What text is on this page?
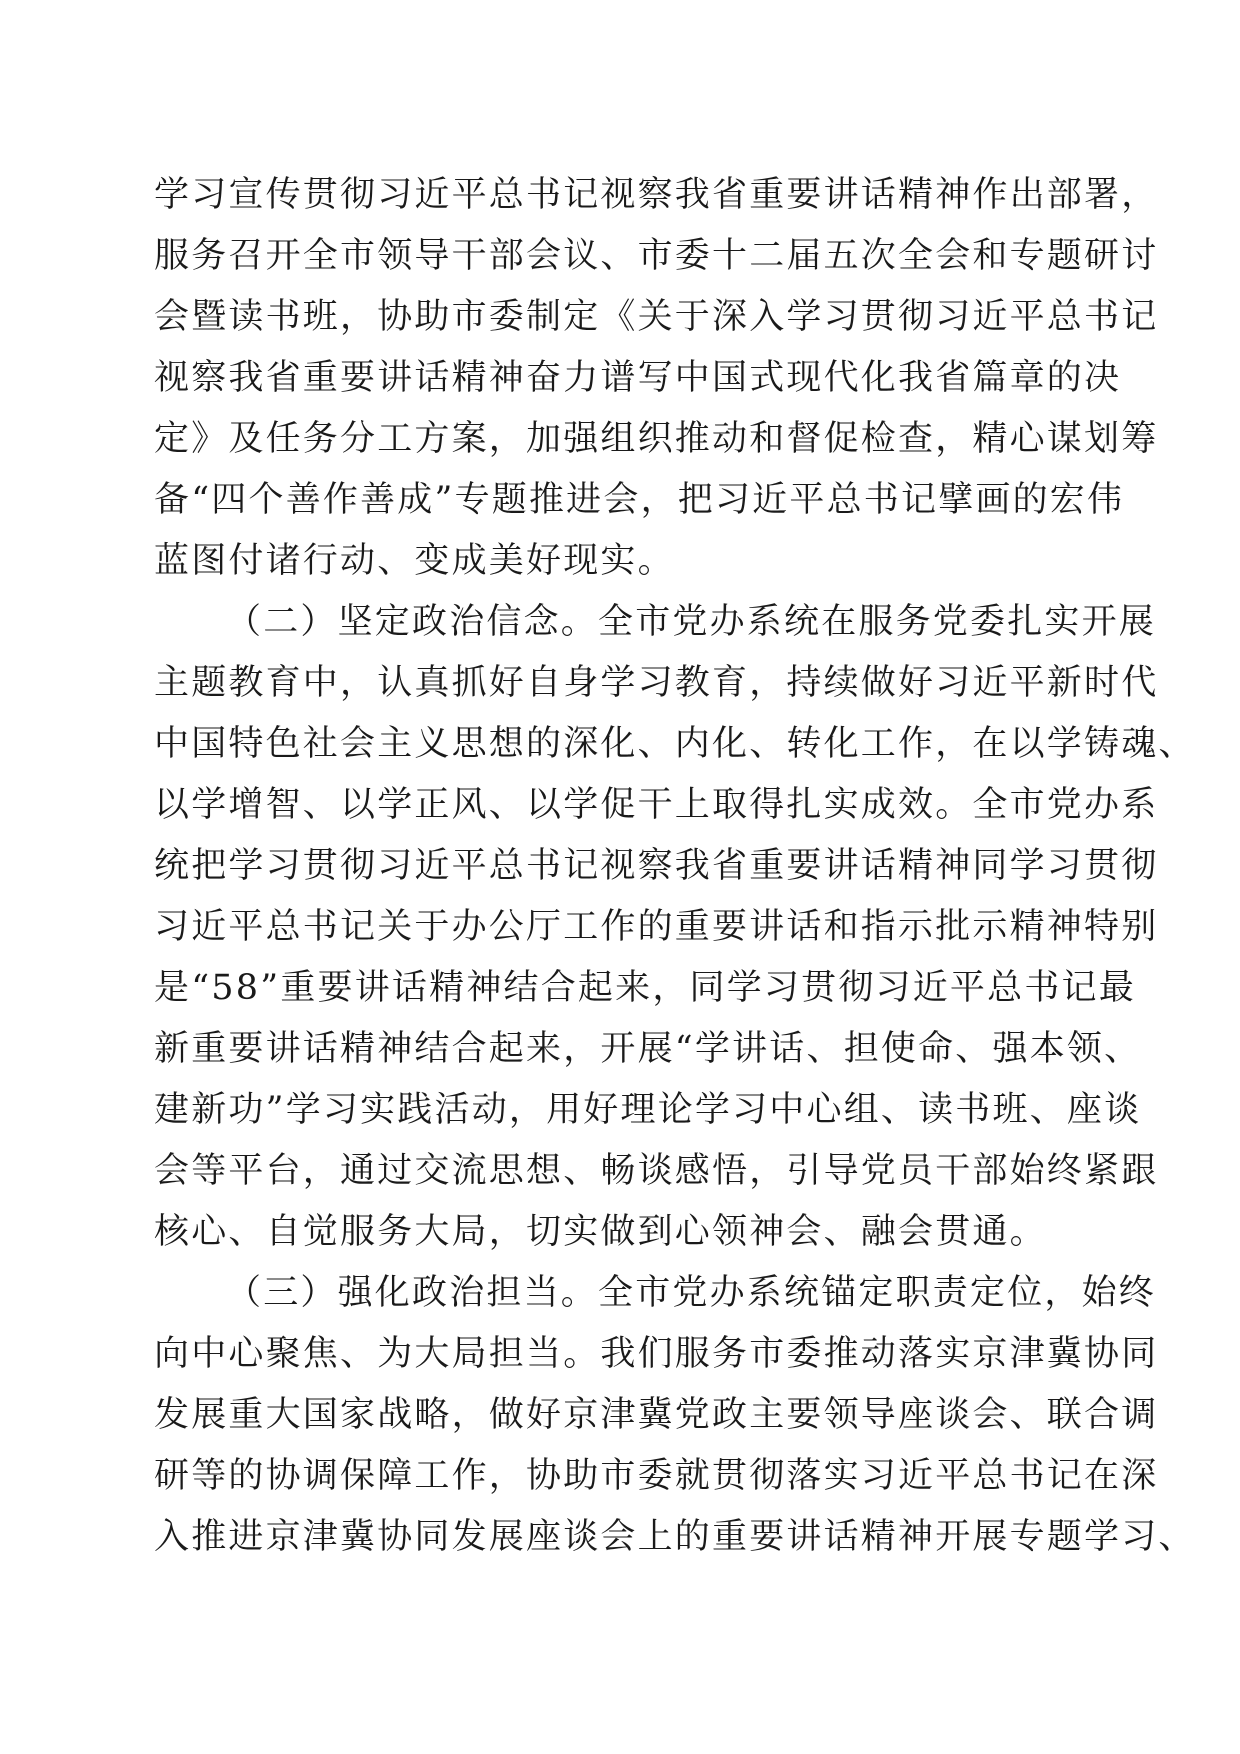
学习宣传贯彻习近平总书记视察我省重要讲话精神作出部署，
服务召开全市领导干部会议、市委十二届五次全会和专题研讨
会暨读书班，协助市委制定《关于深入学习贯彻习近平总书记
视察我省重要讲话精神奋力谱写中国式现代化我省篇章的决
定》及任务分工方案，加强组织推动和督促检查，精心谋划筹
备“四个善作善成”专题推进会，把习近平总书记擘画的宏伟
蓝图付诸行动、变成美好现实。
（二）坚定政治信念。全市党办系统在服务党委扎实开展
主题教育中，认真抓好自身学习教育，持续做好习近平新时代
中国特色社会主义思想的深化、内化、转化工作，在以学铸魂、
以学增智、以学正风、以学促干上取得扎实成效。全市党办系
统把学习贯彻习近平总书记视察我省重要讲话精神同学习贯彻
习近平总书记关于办公厅工作的重要讲话和指示批示精神特别
是“58”重要讲话精神结合起来，同学习贯彻习近平总书记最
新重要讲话精神结合起来，开展“学讲话、担使命、强本领、
建新功”学习实践活动，用好理论学习中心组、读书班、座谈
会等平台，通过交流思想、畅谈感悟，引导党员干部始终紧跟
核心、自觉服务大局，切实做到心领神会、融会贯通。
（三）强化政治担当。全市党办系统锚定职责定位，始终
向中心聚焦、为大局担当。我们服务市委推动落实京津冀协同
发展重大国家战略，做好京津冀党政主要领导座谈会、联合调
研等的协调保障工作，协助市委就贯彻落实习近平总书记在深
入推进京津冀协同发展座谈会上的重要讲话精神开展专题学习、
